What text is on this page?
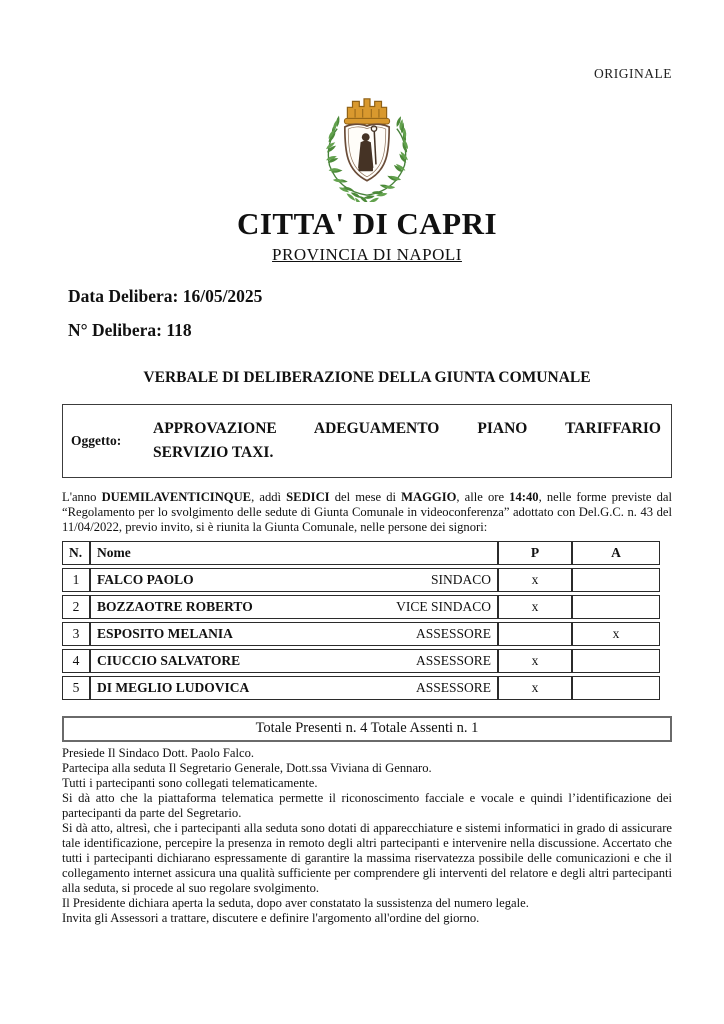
ORIGINALE
CITTA' DI CAPRI
PROVINCIA DI NAPOLI
Data Delibera: 16/05/2025
N° Delibera: 118
VERBALE DI DELIBERAZIONE DELLA GIUNTA COMUNALE
Oggetto:
APPROVAZIONE ADEGUAMENTO PIANO TARIFFARIO
SERVIZIO TAXI.

L'anno DUEMILAVENTICINQUE, addì SEDICI del mese di MAGGIO, alle ore 14:40, nelle forme previste dal “Regolamento per lo svolgimento delle sedute di Giunta Comunale in videoconferenza” adottato con Del.G.C. n. 43 del 11/04/2022, previo invito, si è riunita la Giunta Comunale, nelle persone dei signori:

N.	Nome	P	A
1	FALCO PAOLO SINDACO	x	
2	BOZZAOTRE ROBERTO VICE SINDACO	x	
3	ESPOSITO MELANIA ASSESSORE		x
4	CIUCCIO SALVATORE ASSESSORE	x	
5	DI MEGLIO LUDOVICA ASSESSORE	x	
Totale Presenti n. 4 Totale Assenti n. 1

Presiede Il Sindaco Dott. Paolo Falco.

Partecipa alla seduta Il Segretario Generale, Dott.ssa Viviana di Gennaro.

Tutti i partecipanti sono collegati telematicamente.

Si dà atto che la piattaforma telematica permette il riconoscimento facciale e vocale e quindi l’identificazione dei partecipanti da parte del Segretario.

Si dà atto, altresì, che i partecipanti alla seduta sono dotati di apparecchiature e sistemi informatici in grado di assicurare tale identificazione, percepire la presenza in remoto degli altri partecipanti e intervenire nella discussione. Accertato che tutti i partecipanti dichiarano espressamente di garantire la massima riservatezza possibile delle comunicazioni e che il collegamento internet assicura una qualità sufficiente per comprendere gli interventi del relatore e degli altri partecipanti alla seduta, si procede al suo regolare svolgimento.

Il Presidente dichiara aperta la seduta, dopo aver constatato la sussistenza del numero legale.

Invita gli Assessori a trattare, discutere e definire l'argomento all'ordine del giorno.
